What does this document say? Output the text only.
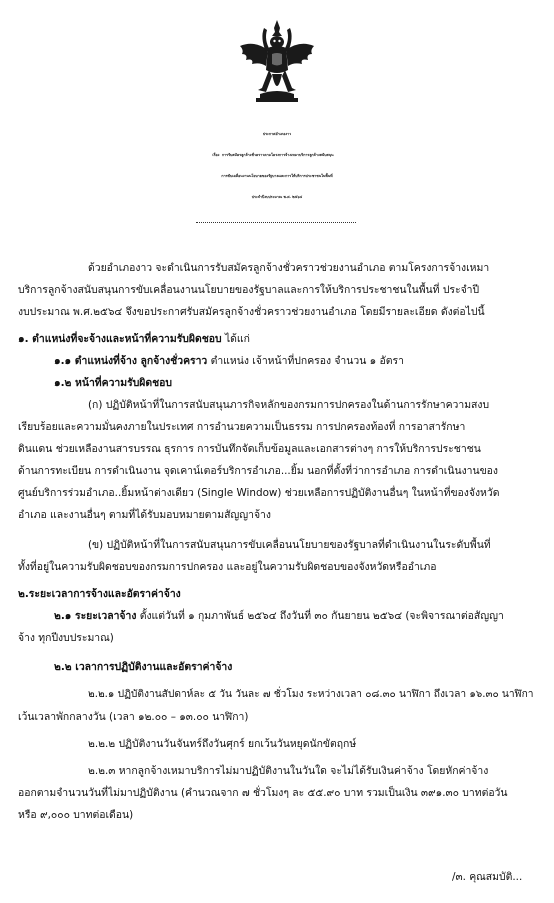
ประกาศอำเภองาว
เรื่อง การรับสมัครลูกจ้างชั่วคราวตามโครงการจ้างเหมาบริการลูกจ้างสนับสนุน
การขับเคลื่อนงานนโยบายของรัฐบาลและการให้บริการประชาชนในพื้นที่
ประจำปีงบประมาณ พ.ศ. ๒๕๖๔
ด้วยอำเภองาว จะดำเนินการรับสมัครลูกจ้างชั่วคราวช่วยงานอำเภอ ตามโครงการจ้างเหมา
บริการลูกจ้างสนับสนุนการขับเคลื่อนงานนโยบายของรัฐบาลและการให้บริการประชาชนในพื้นที่ ประจำปี
งบประมาณ พ.ศ.๒๕๖๔ จึงขอประกาศรับสมัครลูกจ้างชั่วคราวช่วยงานอำเภอ โดยมีรายละเอียด ดังต่อไปนี้
๑. ตำแหน่งที่จะจ้างและหน้าที่ความรับผิดชอบ ได้แก่
๑.๑ ตำแหน่งที่จ้าง ลูกจ้างชั่วคราว ตำแหน่ง เจ้าหน้าที่ปกครอง จำนวน ๑ อัตรา
๑.๒ หน้าที่ความรับผิดชอบ
(ก) ปฏิบัติหน้าที่ในการสนับสนุนภารกิจหลักของกรมการปกครองในด้านการรักษาความสงบ
เรียบร้อยและความมั่นคงภายในประเทศ การอำนวยความเป็นธรรม การปกครองท้องที่ การอาสารักษา
ดินแดน ช่วยเหลืองานสารบรรณ ธุรการ การบันทึกจัดเก็บข้อมูลและเอกสารต่างๆ การให้บริการประชาชน
ด้านการทะเบียน การดำเนินงาน จุดเคาน์เตอร์บริการอำเภอ...ยิ้ม นอกที่ตั้งที่ว่าการอำเภอ การดำเนินงานของ
ศูนย์บริการร่วมอำเภอ..ยิ้มหน้าต่างเดียว (Single Window) ช่วยเหลือการปฏิบัติงานอื่นๆ ในหน้าที่ของจังหวัด
อำเภอ และงานอื่นๆ ตามที่ได้รับมอบหมายตามสัญญาจ้าง
(ข) ปฏิบัติหน้าที่ในการสนับสนุนการขับเคลื่อนนโยบายของรัฐบาลที่ดำเนินงานในระดับพื้นที่
ทั้งที่อยู่ในความรับผิดชอบของกรมการปกครอง และอยู่ในความรับผิดชอบของจังหวัดหรืออำเภอ
๒.ระยะเวลาการจ้างและอัตราค่าจ้าง
๒.๑ ระยะเวลาจ้าง ตั้งแต่วันที่ ๑ กุมภาพันธ์ ๒๕๖๔ ถึงวันที่ ๓๐ กันยายน ๒๕๖๔ (จะพิจารณาต่อสัญญา
จ้าง ทุกปีงบประมาณ)
๒.๒ เวลาการปฏิบัติงานและอัตราค่าจ้าง
๒.๒.๑ ปฏิบัติงานสัปดาห์ละ ๕ วัน วันละ ๗ ชั่วโมง ระหว่างเวลา ๐๘.๓๐ นาฬิกา ถึงเวลา ๑๖.๓๐ นาฬิกา
เว้นเวลาพักกลางวัน (เวลา ๑๒.๐๐ – ๑๓.๐๐ นาฬิกา)
๒.๒.๒ ปฏิบัติงานวันจันทร์ถึงวันศุกร์ ยกเว้นวันหยุดนักขัตฤกษ์
๒.๒.๓ หากลูกจ้างเหมาบริการไม่มาปฏิบัติงานในวันใด จะไม่ได้รับเงินค่าจ้าง โดยหักค่าจ้าง
ออกตามจำนวนวันที่ไม่มาปฏิบัติงาน (คำนวณจาก ๗ ชั่วโมงๆ ละ ๕๕.๙๐ บาท รวมเป็นเงิน ๓๙๑.๓๐ บาทต่อวัน
หรือ ๙,๐๐๐ บาทต่อเดือน)
/๓. คุณสมบัติ...
